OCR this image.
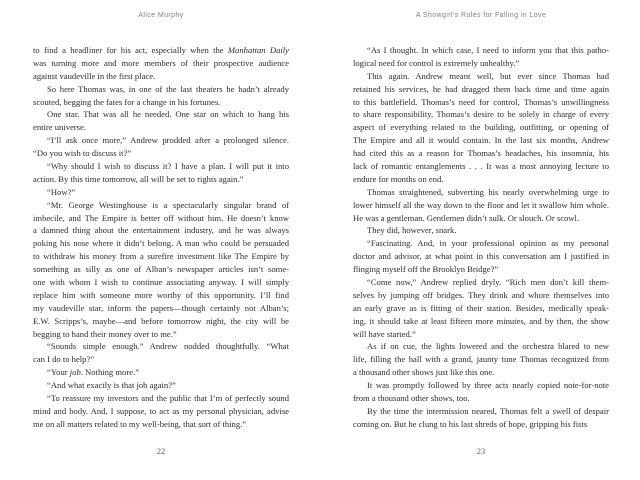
Alice Murphy
to find a headliner for his act, especially when the Manhattan Daily
was turning more and more members of their prospective audience
against vaudeville in the first place.
So here Thomas was, in one of the last theaters he hadn’t already
scouted, begging the fates for a change in his fortunes.
One star. That was all he needed. One star on which to hang his
entire universe.
“I’ll ask once more,” Andrew prodded after a prolonged silence.
“Do you wish to discuss it?”
“Why should I wish to discuss it? I have a plan. I will put it into
action. By this time tomorrow, all will be set to rights again.”
“How?”
“Mr. George Westinghouse is a spectacularly singular brand of
imbecile, and The Empire is better off without him. He doesn’t know
a damned thing about the entertainment industry, and he was always
poking his nose where it didn’t belong. A man who could be persuaded
to withdraw his money from a surefire investment like The Empire by
something as silly as one of Alban’s newspaper articles isn’t some-
one with whom I wish to continue associating anyway. I will simply
replace him with someone more worthy of this opportunity. I’ll find
my vaudeville star, inform the papers—though certainly not Alban’s;
E.W. Scripps’s, maybe—and before tomorrow night, the city will be
begging to hand their money over to me.”
“Sounds simple enough.” Andrew nodded thoughtfully. “What
can I do to help?”
“Your job. Nothing more.”
“And what exactly is that job again?”
“To reassure my investors and the public that I’m of perfectly sound
mind and body. And, I suppose, to act as my personal physician, advise
me on all matters related to my well-being, that sort of thing.”
22
A Showgirl’s Rules for Falling in Love
“As I thought. In which case, I need to inform you that this patho-
logical need for control is extremely unhealthy.”
This again. Andrew meant well, but ever since Thomas had
retained his services, he had dragged them back time and time again
to this battlefield. Thomas’s need for control, Thomas’s unwillingness
to share responsibility, Thomas’s desire to be solely in charge of every
aspect of everything related to the building, outfitting, or opening of
The Empire and all it would contain. In the last six months, Andrew
had cited this as a reason for Thomas’s headaches, his insomnia, his
lack of romantic entanglements . . . It was a most annoying lecture to
endure for months on end.
Thomas straightened, subverting his nearly overwhelming urge to
lower himself all the way down to the floor and let it swallow him whole.
He was a gentleman. Gentlemen didn’t sulk. Or slouch. Or scowl.
They did, however, snark.
“Fascinating. And, in your professional opinion as my personal
doctor and advisor, at what point in this conversation am I justified in
flinging myself off the Brooklyn Bridge?”
“Come now,” Andrew replied dryly. “Rich men don’t kill them-
selves by jumping off bridges. They drink and whore themselves into
an early grave as is fitting of their station. Besides, medically speak-
ing, it should take at least fifteen more minutes, and by then, the show
will have started.”
As if on cue, the lights lowered and the orchestra blared to new
life, filling the hall with a grand, jaunty tune Thomas recognized from
a thousand other shows just like this one.
It was promptly followed by three acts nearly copied note-for-note
from a thousand other shows, too.
By the time the intermission neared, Thomas felt a swell of despair
coming on. But he clung to his last shreds of hope, gripping his fists
23
